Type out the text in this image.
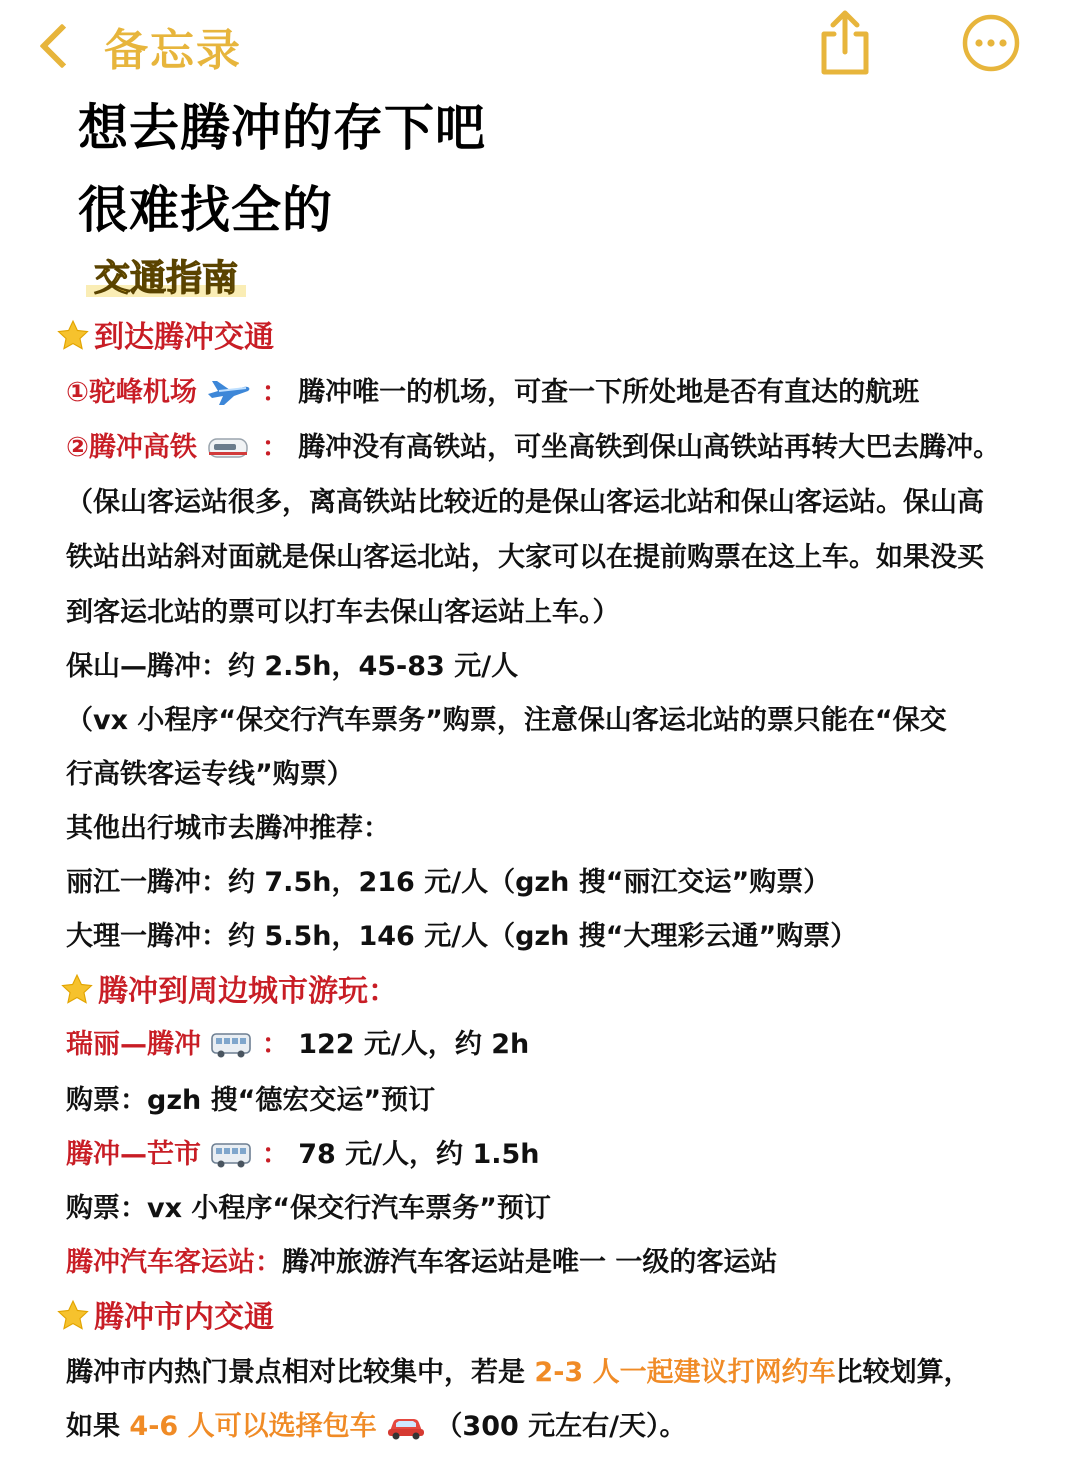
备忘录
想去腾冲的存下吧
很难找全的
交通指南
到达腾冲交通
①驼峰机场 ： 腾冲唯一的机场，可查一下所处地是否有直达的航班
②腾冲高铁 ： 腾冲没有高铁站，可坐高铁到保山高铁站再转大巴去腾冲。
（保山客运站很多，离高铁站比较近的是保山客运北站和保山客运站。保山高
铁站出站斜对面就是保山客运北站，大家可以在提前购票在这上车。如果没买
到客运北站的票可以打车去保山客运站上车。）
保山—腾冲：约 2.5h，45-83 元/人
（vx 小程序“保交行汽车票务”购票，注意保山客运北站的票只能在“保交
行高铁客运专线”购票）
其他出行城市去腾冲推荐：
丽江一腾冲：约 7.5h，216 元/人（gzh 搜“丽江交运”购票）
大理一腾冲：约 5.5h，146 元/人（gzh 搜“大理彩云通”购票）
腾冲到周边城市游玩：
瑞丽—腾冲 ： 122 元/人，约 2h
购票：gzh 搜“德宏交运”预订
腾冲—芒市 ： 78 元/人，约 1.5h
购票：vx 小程序“保交行汽车票务”预订
腾冲汽车客运站：腾冲旅游汽车客运站是唯一 一级的客运站
腾冲市内交通
腾冲市内热门景点相对比较集中，若是 2-3 人一起建议打网约车比较划算，
如果 4-6 人可以选择包车 （300 元左右/天）。
